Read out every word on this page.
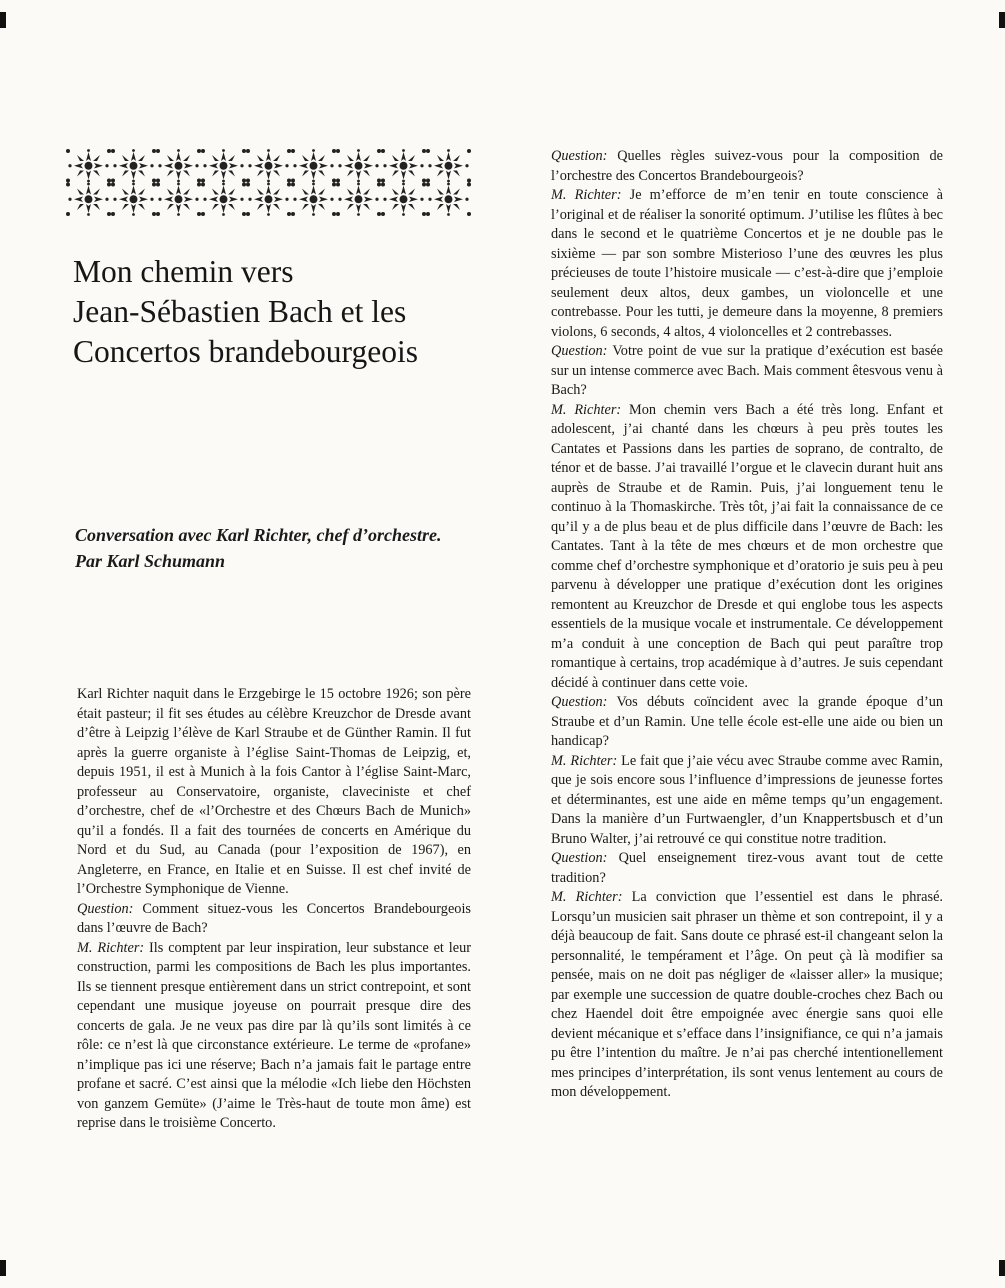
Mon chemin vers
Jean-Sébastien Bach et les
Concertos brandebourgeois
Conversation avec Karl Richter, chef d’orchestre.
Par Karl Schumann

Karl Richter naquit dans le Erzgebirge le 15 octobre 1926; son père était pasteur; il fit ses études au célèbre Kreuzchor de Dresde avant d’être à Leipzig l’élève de Karl Straube et de Günther Ramin. Il fut après la guerre organiste à l’église Saint-Thomas de Leipzig, et, depuis 1951, il est à Munich à la fois Cantor à l’église Saint-Marc, professeur au Conservatoire, organiste, claveciniste et chef d’orchestre, chef de «l’Orchestre et des Chœurs Bach de Munich» qu’il a fondés. Il a fait des tournées de concerts en Amérique du Nord et du Sud, au Canada (pour l’exposition de 1967), en Angleterre, en France, en Italie et en Suisse. Il est chef invité de l’Orchestre Symphonique de Vienne.

Question: Comment situez-vous les Concertos Brandebourgeois dans l’œuvre de Bach?

M. Richter: Ils comptent par leur inspiration, leur substance et leur construction, parmi les compositions de Bach les plus importantes. Ils se tiennent presque entièrement dans un strict contrepoint, et sont cependant une musique joyeuse on pourrait presque dire des concerts de gala. Je ne veux pas dire par là qu’ils sont limités à ce rôle: ce n’est là que circonstance extérieure. Le terme de «profane» n’implique pas ici une réserve; Bach n’a jamais fait le partage entre profane et sacré. C’est ainsi que la mélodie «Ich liebe den Höchsten von ganzem Gemüte» (J’aime le Très-haut de toute mon âme) est reprise dans le troisième Concerto.

Question: Quelles règles suivez-vous pour la composition de l’orchestre des Concertos Brandebourgeois?

M. Richter: Je m’efforce de m’en tenir en toute conscience à l’original et de réaliser la sonorité optimum. J’utilise les flûtes à bec dans le second et le quatrième Concertos et je ne double pas le sixième — par son sombre Misterioso l’une des œuvres les plus précieuses de toute l’histoire musicale — c’est-à-dire que j’emploie seulement deux altos, deux gambes, un violoncelle et une contrebasse. Pour les tutti, je demeure dans la moyenne, 8 premiers violons, 6 seconds, 4 altos, 4 violoncelles et 2 contrebasses.

Question: Votre point de vue sur la pratique d’exécution est basée sur un intense commerce avec Bach. Mais comment êtesvous venu à Bach?

M. Richter: Mon chemin vers Bach a été très long. Enfant et adolescent, j’ai chanté dans les chœurs à peu près toutes les Cantates et Passions dans les parties de soprano, de contralto, de ténor et de basse. J’ai travaillé l’orgue et le clavecin durant huit ans auprès de Straube et de Ramin. Puis, j’ai longuement tenu le continuo à la Thomaskirche. Très tôt, j’ai fait la connaissance de ce qu’il y a de plus beau et de plus difficile dans l’œuvre de Bach: les Cantates. Tant à la tête de mes chœurs et de mon orchestre que comme chef d’orchestre symphonique et d’oratorio je suis peu à peu parvenu à développer une pratique d’exécution dont les origines remontent au Kreuzchor de Dresde et qui englobe tous les aspects essentiels de la musique vocale et instrumentale. Ce développement m’a conduit à une conception de Bach qui peut paraître trop romantique à certains, trop académique à d’autres. Je suis cependant décidé à continuer dans cette voie.

Question: Vos débuts coïncident avec la grande époque d’un Straube et d’un Ramin. Une telle école est-elle une aide ou bien un handicap?

M. Richter: Le fait que j’aie vécu avec Straube comme avec Ramin, que je sois encore sous l’influence d’impressions de jeunesse fortes et déterminantes, est une aide en même temps qu’un engagement. Dans la manière d’un Furtwaengler, d’un Knappertsbusch et d’un Bruno Walter, j’ai retrouvé ce qui constitue notre tradition.

Question: Quel enseignement tirez-vous avant tout de cette tradition?

M. Richter: La conviction que l’essentiel est dans le phrasé. Lorsqu’un musicien sait phraser un thème et son contrepoint, il y a déjà beaucoup de fait. Sans doute ce phrasé est-il changeant selon la personnalité, le tempérament et l’âge. On peut çà là modifier sa pensée, mais on ne doit pas négliger de «laisser aller» la musique; par exemple une succession de quatre double-croches chez Bach ou chez Haendel doit être empoignée avec énergie sans quoi elle devient mécanique et s’efface dans l’insignifiance, ce qui n’a jamais pu être l’intention du maître. Je n’ai pas cherché intentionellement mes principes d’interprétation, ils sont venus lentement au cours de mon développement.
